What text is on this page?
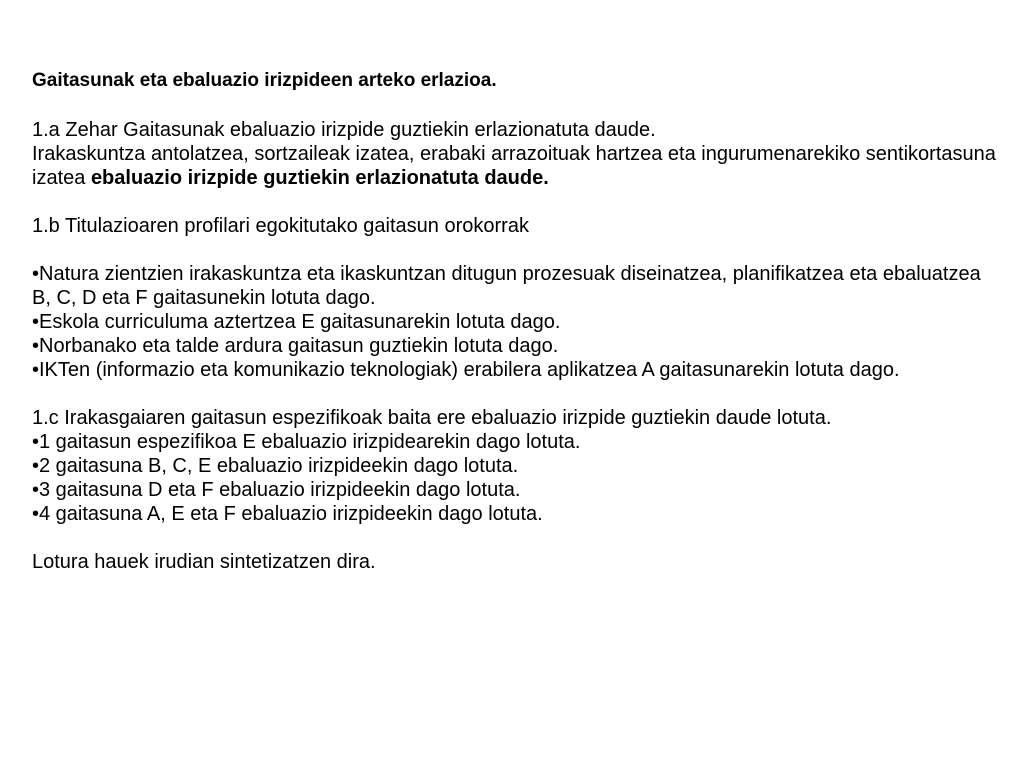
Gaitasunak eta ebaluazio irizpideen arteko erlazioa.
1.a Zehar Gaitasunak ebaluazio irizpide guztiekin erlazionatuta daude.
Irakaskuntza antolatzea, sortzaileak izatea, erabaki arrazoituak hartzea eta ingurumenarekiko sentikortasuna izatea ebaluazio irizpide guztiekin erlazionatuta daude.
1.b Titulazioaren profilari egokitutako gaitasun orokorrak
•Natura zientzien irakaskuntza eta ikaskuntzan ditugun prozesuak diseinatzea, planifikatzea eta ebaluatzea B, C, D eta F gaitasunekin lotuta dago.
•Eskola curriculuma aztertzea E gaitasunarekin lotuta dago.
•Norbanako eta talde ardura gaitasun guztiekin lotuta dago.
•IKTen (informazio eta komunikazio teknologiak) erabilera aplikatzea A gaitasunarekin lotuta dago.
1.c Irakasgaiaren gaitasun espezifikoak baita ere ebaluazio irizpide guztiekin daude lotuta.
•1 gaitasun espezifikoa E ebaluazio irizpidearekin dago lotuta.
•2 gaitasuna B, C, E ebaluazio irizpideekin dago lotuta.
•3 gaitasuna D eta F ebaluazio irizpideekin dago lotuta.
•4 gaitasuna A, E eta F ebaluazio irizpideekin dago lotuta.
Lotura hauek irudian sintetizatzen dira.
